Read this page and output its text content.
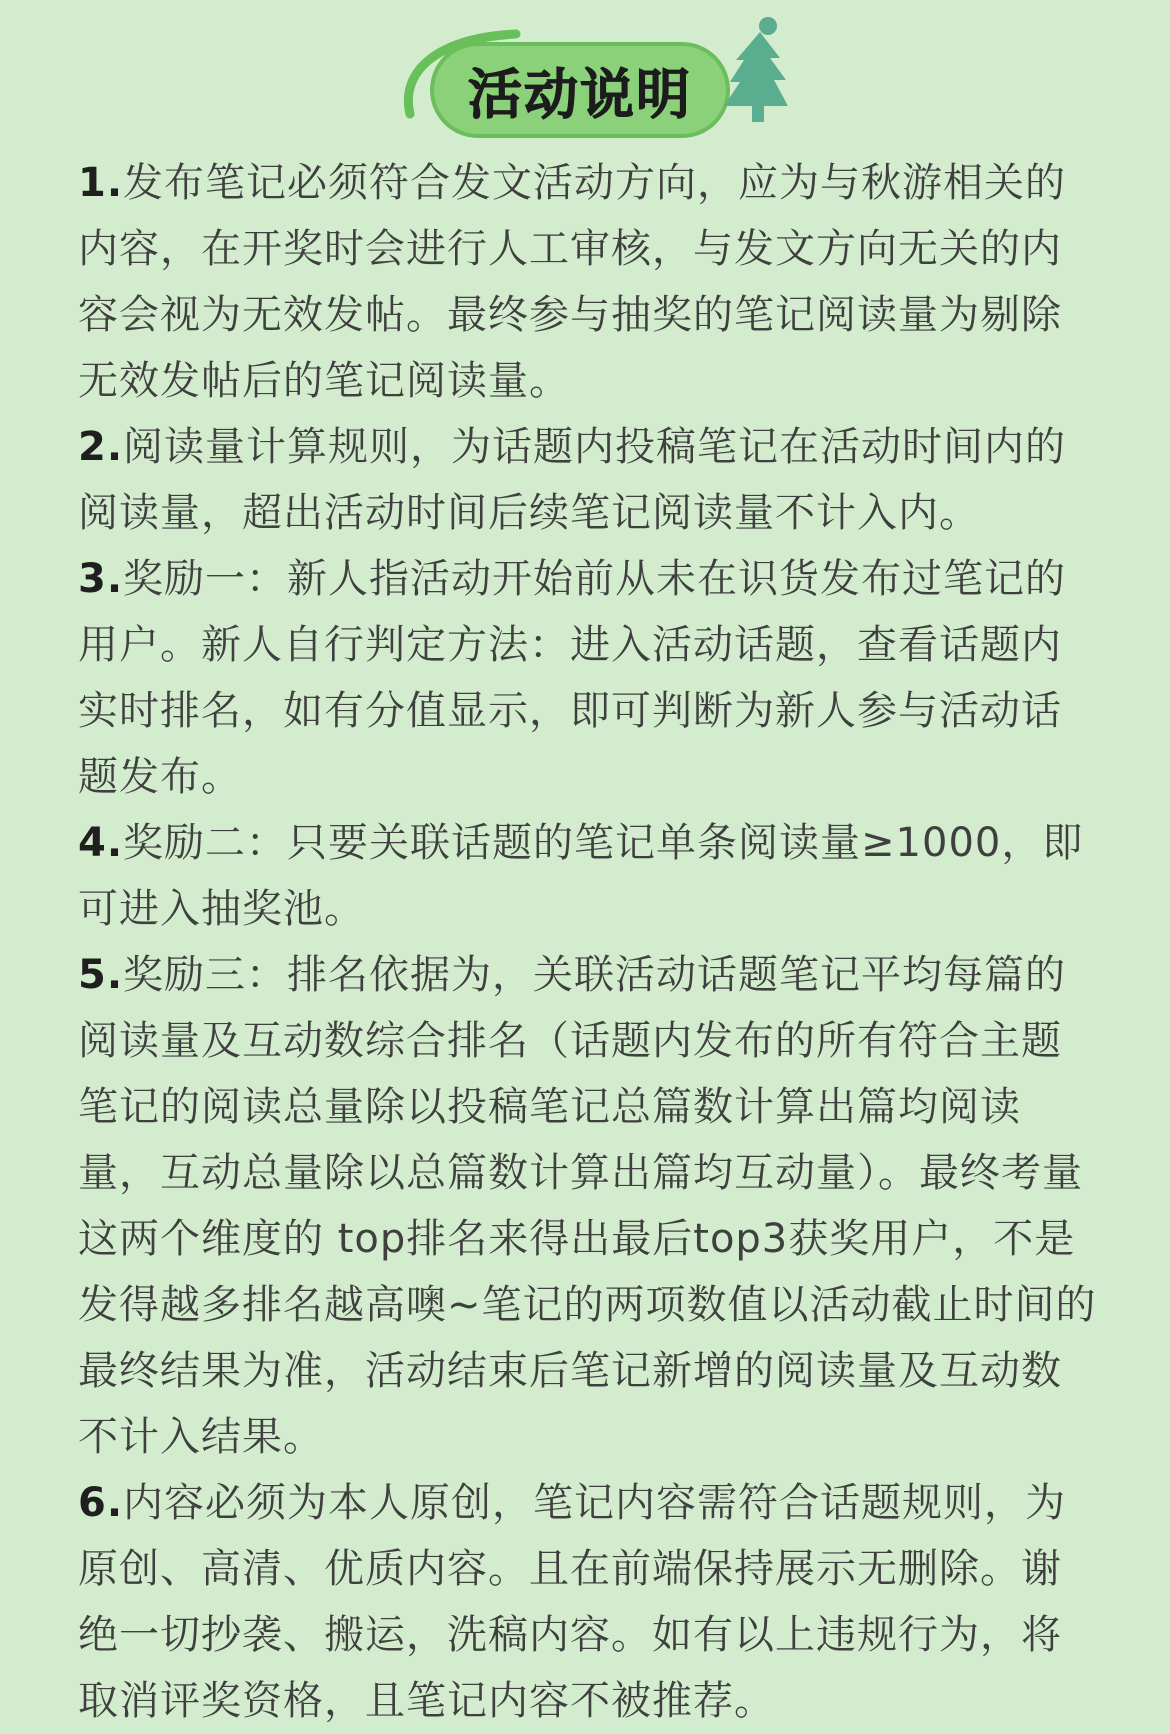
活动说明

1.发布笔记必须符合发文活动方向，应为与秋游相关的内容，在开奖时会进行人工审核，与发文方向无关的内容会视为无效发帖。最终参与抽奖的笔记阅读量为剔除无效发帖后的笔记阅读量。

2.阅读量计算规则，为话题内投稿笔记在活动时间内的阅读量，超出活动时间后续笔记阅读量不计入内。

3.奖励一：新人指活动开始前从未在识货发布过笔记的用户。新人自行判定方法：进入活动话题，查看话题内实时排名，如有分值显示，即可判断为新人参与活动话题发布。

4.奖励二：只要关联话题的笔记单条阅读量≥1000，即可进入抽奖池。

5.奖励三：排名依据为，关联活动话题笔记平均每篇的阅读量及互动数综合排名（话题内发布的所有符合主题笔记的阅读总量除以投稿笔记总篇数计算出篇均阅读量，互动总量除以总篇数计算出篇均互动量）。最终考量这两个维度的 top排名来得出最后top3获奖用户，不是发得越多排名越高噢~笔记的两项数值以活动截止时间的最终结果为准，活动结束后笔记新增的阅读量及互动数不计入结果。

6.内容必须为本人原创，笔记内容需符合话题规则，为原创、高清、优质内容。且在前端保持展示无删除。谢绝一切抄袭、搬运，洗稿内容。如有以上违规行为，将取消评奖资格，且笔记内容不被推荐。
